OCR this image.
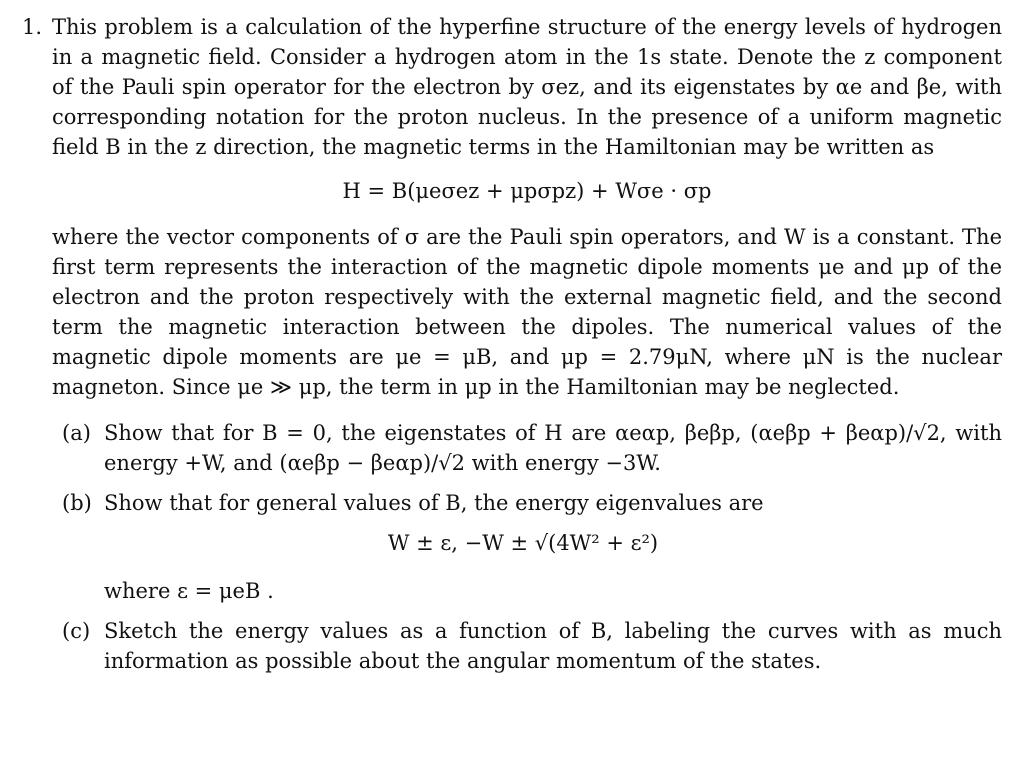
1. This problem is a calculation of the hyperfine structure of the energy levels of hydrogen in a magnetic field. Consider a hydrogen atom in the 1s state. Denote the z component of the Pauli spin operator for the electron by σez, and its eigenstates by αe and βe, with corresponding notation for the proton nucleus. In the presence of a uniform magnetic field B in the z direction, the magnetic terms in the Hamiltonian may be written as

H = B(μeσez + μpσpz) + Wσe · σp

where the vector components of σ are the Pauli spin operators, and W is a constant. The first term represents the interaction of the magnetic dipole moments μe and μp of the electron and the proton respectively with the external magnetic field, and the second term the magnetic interaction between the dipoles. The numerical values of the magnetic dipole moments are μe = μB, and μp = 2.79μN, where μN is the nuclear magneton. Since μe ≫ μp, the term in μp in the Hamiltonian may be neglected.

(a) Show that for B = 0, the eigenstates of H are αeαp, βeβp, (αeβp + βeαp)/√2, with energy +W, and (αeβp − βeαp)/√2 with energy −3W.
(b) Show that for general values of B, the energy eigenvalues are
W ± ε, −W ± √(4W² + ε²)
where ε = μeB .
(c) Sketch the energy values as a function of B, labeling the curves with as much information as possible about the angular momentum of the states.
